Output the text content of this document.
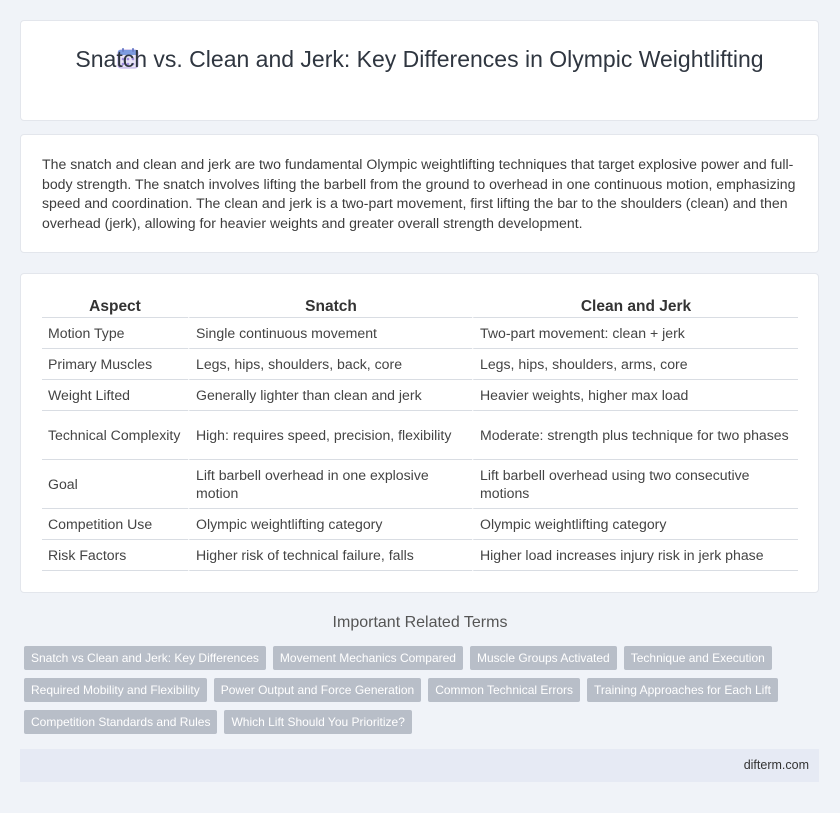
Snatch vs. Clean and Jerk: Key Differences in Olympic Weightlifting

The snatch and clean and jerk are two fundamental Olympic weightlifting techniques that target explosive power and full-body strength. The snatch involves lifting the barbell from the ground to overhead in one continuous motion, emphasizing speed and coordination. The clean and jerk is a two-part movement, first lifting the bar to the shoulders (clean) and then overhead (jerk), allowing for heavier weights and greater overall strength development.

Aspect	Snatch	Clean and Jerk
Motion Type	Single continuous movement	Two-part movement: clean + jerk
Primary Muscles	Legs, hips, shoulders, back, core	Legs, hips, shoulders, arms, core
Weight Lifted	Generally lighter than clean and jerk	Heavier weights, higher max load
Technical Complexity	High: requires speed, precision, flexibility	Moderate: strength plus technique for two phases
Goal	Lift barbell overhead in one explosive motion	Lift barbell overhead using two consecutive motions
Competition Use	Olympic weightlifting category	Olympic weightlifting category
Risk Factors	Higher risk of technical failure, falls	Higher load increases injury risk in jerk phase
Important Related Terms
Snatch vs Clean and Jerk: Key Differences	Movement Mechanics Compared	Muscle Groups Activated	Technique and Execution
Required Mobility and Flexibility	Power Output and Force Generation	Common Technical Errors	Training Approaches for Each Lift
Competition Standards and Rules	Which Lift Should You Prioritize?
difterm.com
